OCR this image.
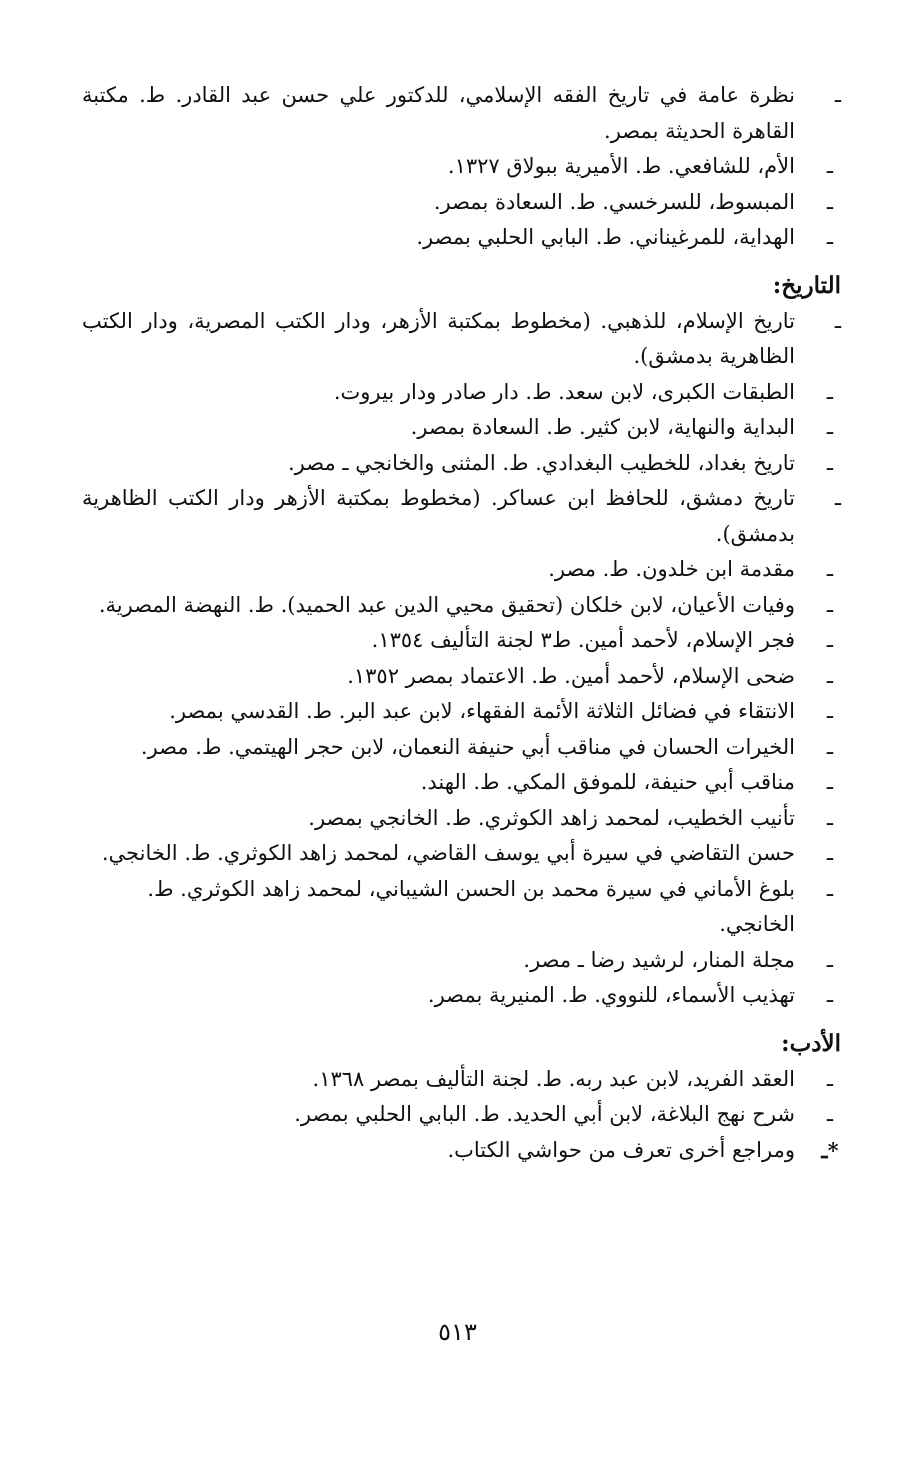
ـ
نظرة عامة في تاريخ الفقه الإسلامي، للدكتور علي حسن عبد القادر. ط. مكتبة القاهرة الحديثة بمصر.
ـ
الأم، للشافعي. ط. الأميرية ببولاق ١٣٢٧.
ـ
المبسوط، للسرخسي. ط. السعادة بمصر.
ـ
الهداية، للمرغيناني. ط. البابي الحلبي بمصر.
التاريخ:
ـ
تاريخ الإسلام، للذهبي. (مخطوط بمكتبة الأزهر، ودار الكتب المصرية، ودار الكتب الظاهرية بدمشق).
ـ
الطبقات الكبرى، لابن سعد. ط. دار صادر ودار بيروت.
ـ
البداية والنهاية، لابن كثير. ط. السعادة بمصر.
ـ
تاريخ بغداد، للخطيب البغدادي. ط. المثنى والخانجي ـ مصر.
ـ
تاريخ دمشق، للحافظ ابن عساكر. (مخطوط بمكتبة الأزهر ودار الكتب الظاهرية بدمشق).
ـ
مقدمة ابن خلدون. ط. مصر.
ـ
وفيات الأعيان، لابن خلكان (تحقيق محيي الدين عبد الحميد). ط. النهضة المصرية.
ـ
فجر الإسلام، لأحمد أمين. ط٣ لجنة التأليف ١٣٥٤.
ـ
ضحى الإسلام، لأحمد أمين. ط. الاعتماد بمصر ١٣٥٢.
ـ
الانتقاء في فضائل الثلاثة الأئمة الفقهاء، لابن عبد البر. ط. القدسي بمصر.
ـ
الخيرات الحسان في مناقب أبي حنيفة النعمان، لابن حجر الهيتمي. ط. مصر.
ـ
مناقب أبي حنيفة، للموفق المكي. ط. الهند.
ـ
تأنيب الخطيب، لمحمد زاهد الكوثري. ط. الخانجي بمصر.
ـ
حسن التقاضي في سيرة أبي يوسف القاضي، لمحمد زاهد الكوثري. ط. الخانجي.
ـ
بلوغ الأماني في سيرة محمد بن الحسن الشيباني، لمحمد زاهد الكوثري. ط. الخانجي.
ـ
مجلة المنار، لرشيد رضا ـ مصر.
ـ
تهذيب الأسماء، للنووي. ط. المنيرية بمصر.
الأدب:
ـ
العقد الفريد، لابن عبد ربه. ط. لجنة التأليف بمصر ١٣٦٨.
ـ
شرح نهج البلاغة، لابن أبي الحديد. ط. البابي الحلبي بمصر.
*ـ
ومراجع أخرى تعرف من حواشي الكتاب.
٥١٣
